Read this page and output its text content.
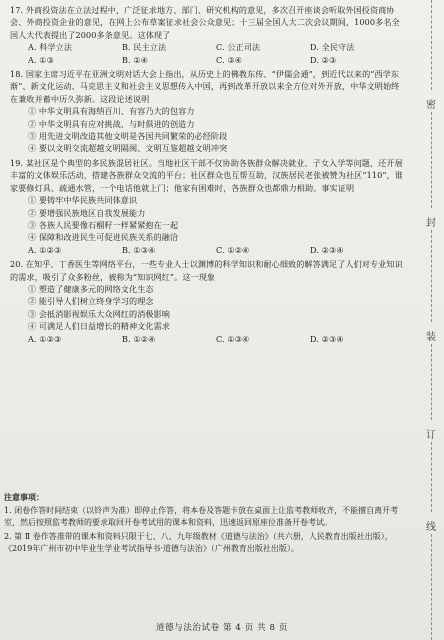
17. 外商投资法在立法过程中，广泛征求地方、部门、研究机构的意见，多次召开座谈会听取外国投资商协会、外商投资企业的意见，在网上公布草案征求社会公众意见；十三届全国人大二次会议期间，1000多名全国人大代表提出了2000多条意见。这体现了
A. 科学立法	B. 民主立法	C. 公正司法	D. 全民守法
A. ①③	B. ②④	C. ③④	D. ②③
18. 国家主席习近平在亚洲文明对话大会上指出，从历史上的佛教东传、“伊儒会通”，到近代以来的“西学东渐”、新文化运动、马克思主义和社会主义思想传入中国，再到改革开放以来全方位对外开放，中华文明始终在兼收并蓄中历久弥新。这段论述说明
① 中华文明具有海纳百川、有容乃大的包容力
② 中华文明具有应对挑战、与时俱进的创造力
③ 用先进文明改造其他文明是各国共同繁荣的必经阶段
④ 要以文明交流超越文明隔阂、文明互鉴超越文明冲突
19. 某社区是个典型的多民族混居社区。当地社区干部不仅协助各族群众解决就业、子女入学等问题，还开展丰富的文体娱乐活动，搭建各族群众交流的平台；社区群众也互帮互助，汉族居民老张被赞为社区“110”，谁家要修灯具、疏通水管，一个电话他就上门；他家有困难时，各族群众也都鼎力相助。事实证明
① 要铸牢中华民族共同体意识
② 要增强民族地区自我发展能力
③ 各族人民要像石榴籽一样紧紧抱在一起
④ 保障和改进民生可促进民族关系的融洽
A. ①②③	B. ①③④	C. ①②④	D. ②③④
20. 在知乎、丁香医生等网络平台，一些专业人士以渊博的科学知识和耐心细致的解答满足了人们对专业知识的需求，吸引了众多粉丝，被称为“知识网红”。这一现象
① 塑造了健康多元的网络文化生态
② 能引导人们树立终身学习的理念
③ 会抵消影视娱乐大众网红的消极影响
④ 可满足人们日益增长的精神文化需求
A. ①②③	B. ①②④	C. ①③④	D. ②③④
注意事项：

1. 闭卷作答时间结束（以铃声为准）即停止作答，将本卷及答题卡放在桌面上让监考教师收齐，不能擅自离开考室，然后按照监考教师的要求取回开卷考试用的课本和资料，迅速返回原座位准备开卷考试。

2. 第 Ⅱ 卷作答准带的课本和资料只限于七、八、九年级教材《道德与法治》（共六册，人民教育出版社出版），《2019年广州市初中毕业生学业考试指导书·道德与法治》（广州教育出版社出版）。

道德与法治试卷 第 4 页 共 8 页
密
封
装
订
线
